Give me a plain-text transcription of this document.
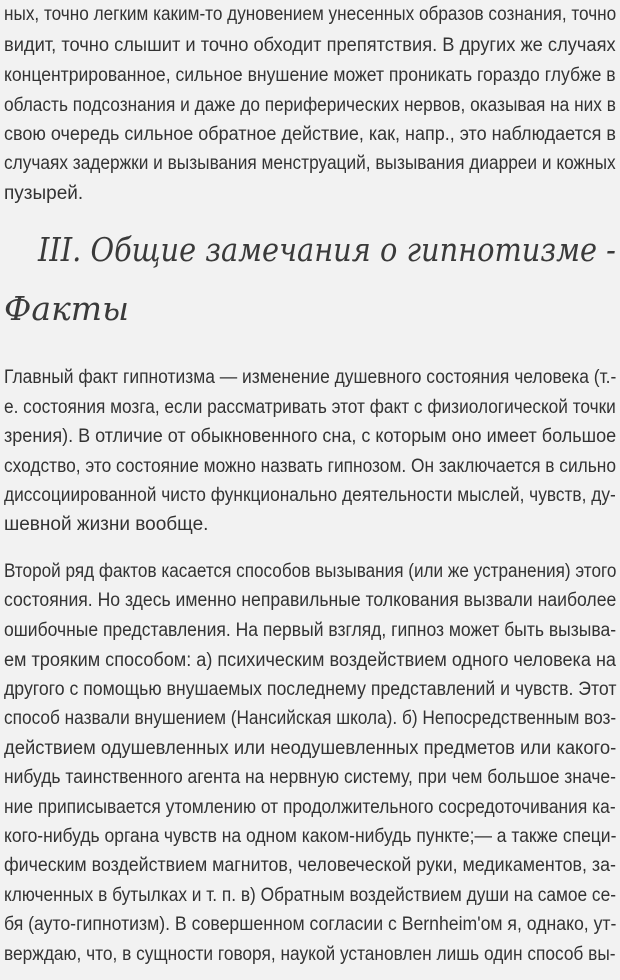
ных, точно легким каким-то дуновением унесенных образов сознания, точно
видит, точно слышит и точно обходит препятствия. В других же случаях
концентрированное, сильное внушение может проникать гораздо глубже в
область подсознания и даже до периферических нервов, оказывая на них в
свою очередь сильное обратное действие, как, напр., это наблюдается в
случаях задержки и вызывания менструаций, вызывания диарреи и кожных
пузырей.
III. Общие замечания о гипнотизме -
Факты
Главный факт гипнотизма — изменение душевного состояния человека (т.-
е. состояния мозга, если рассматривать этот факт с физиологической точки
зрения). В отличие от обыкновенного сна, с которым оно имеет большое
сходство, это состояние можно назвать гипнозом. Он заключается в сильно
диссоциированной чисто функционально деятельности мыслей, чувств, ду-
шевной жизни вообще.
Второй ряд фактов касается способов вызывания (или же устранения) этого
состояния. Но здесь именно неправильные толкования вызвали наиболее
ошибочные представления. На первый взгляд, гипноз может быть вызыва-
ем трояким способом: а) психическим воздействием одного человека на
другого с помощью внушаемых последнему представлений и чувств. Этот
способ назвали внушением (Нансийская школа). б) Непосредственным воз-
действием одушевленных или неодушевленных предметов или какого-
нибудь таинственного агента на нервную систему, при чем большое значе-
ние приписывается утомлению от продолжительного сосредоточивания ка-
кого-нибудь органа чувств на одном каком-нибудь пункте;— а также специ-
фическим воздействием магнитов, человеческой руки, медикаментов, за-
ключенных в бутылках и т. п. в) Обратным воздействием души на самое се-
бя (ауто-гипнотизм). В совершенном согласии с Bernheim'ом я, однако, ут-
верждаю, что, в сущности говоря, наукой установлен лишь один способ вы-
